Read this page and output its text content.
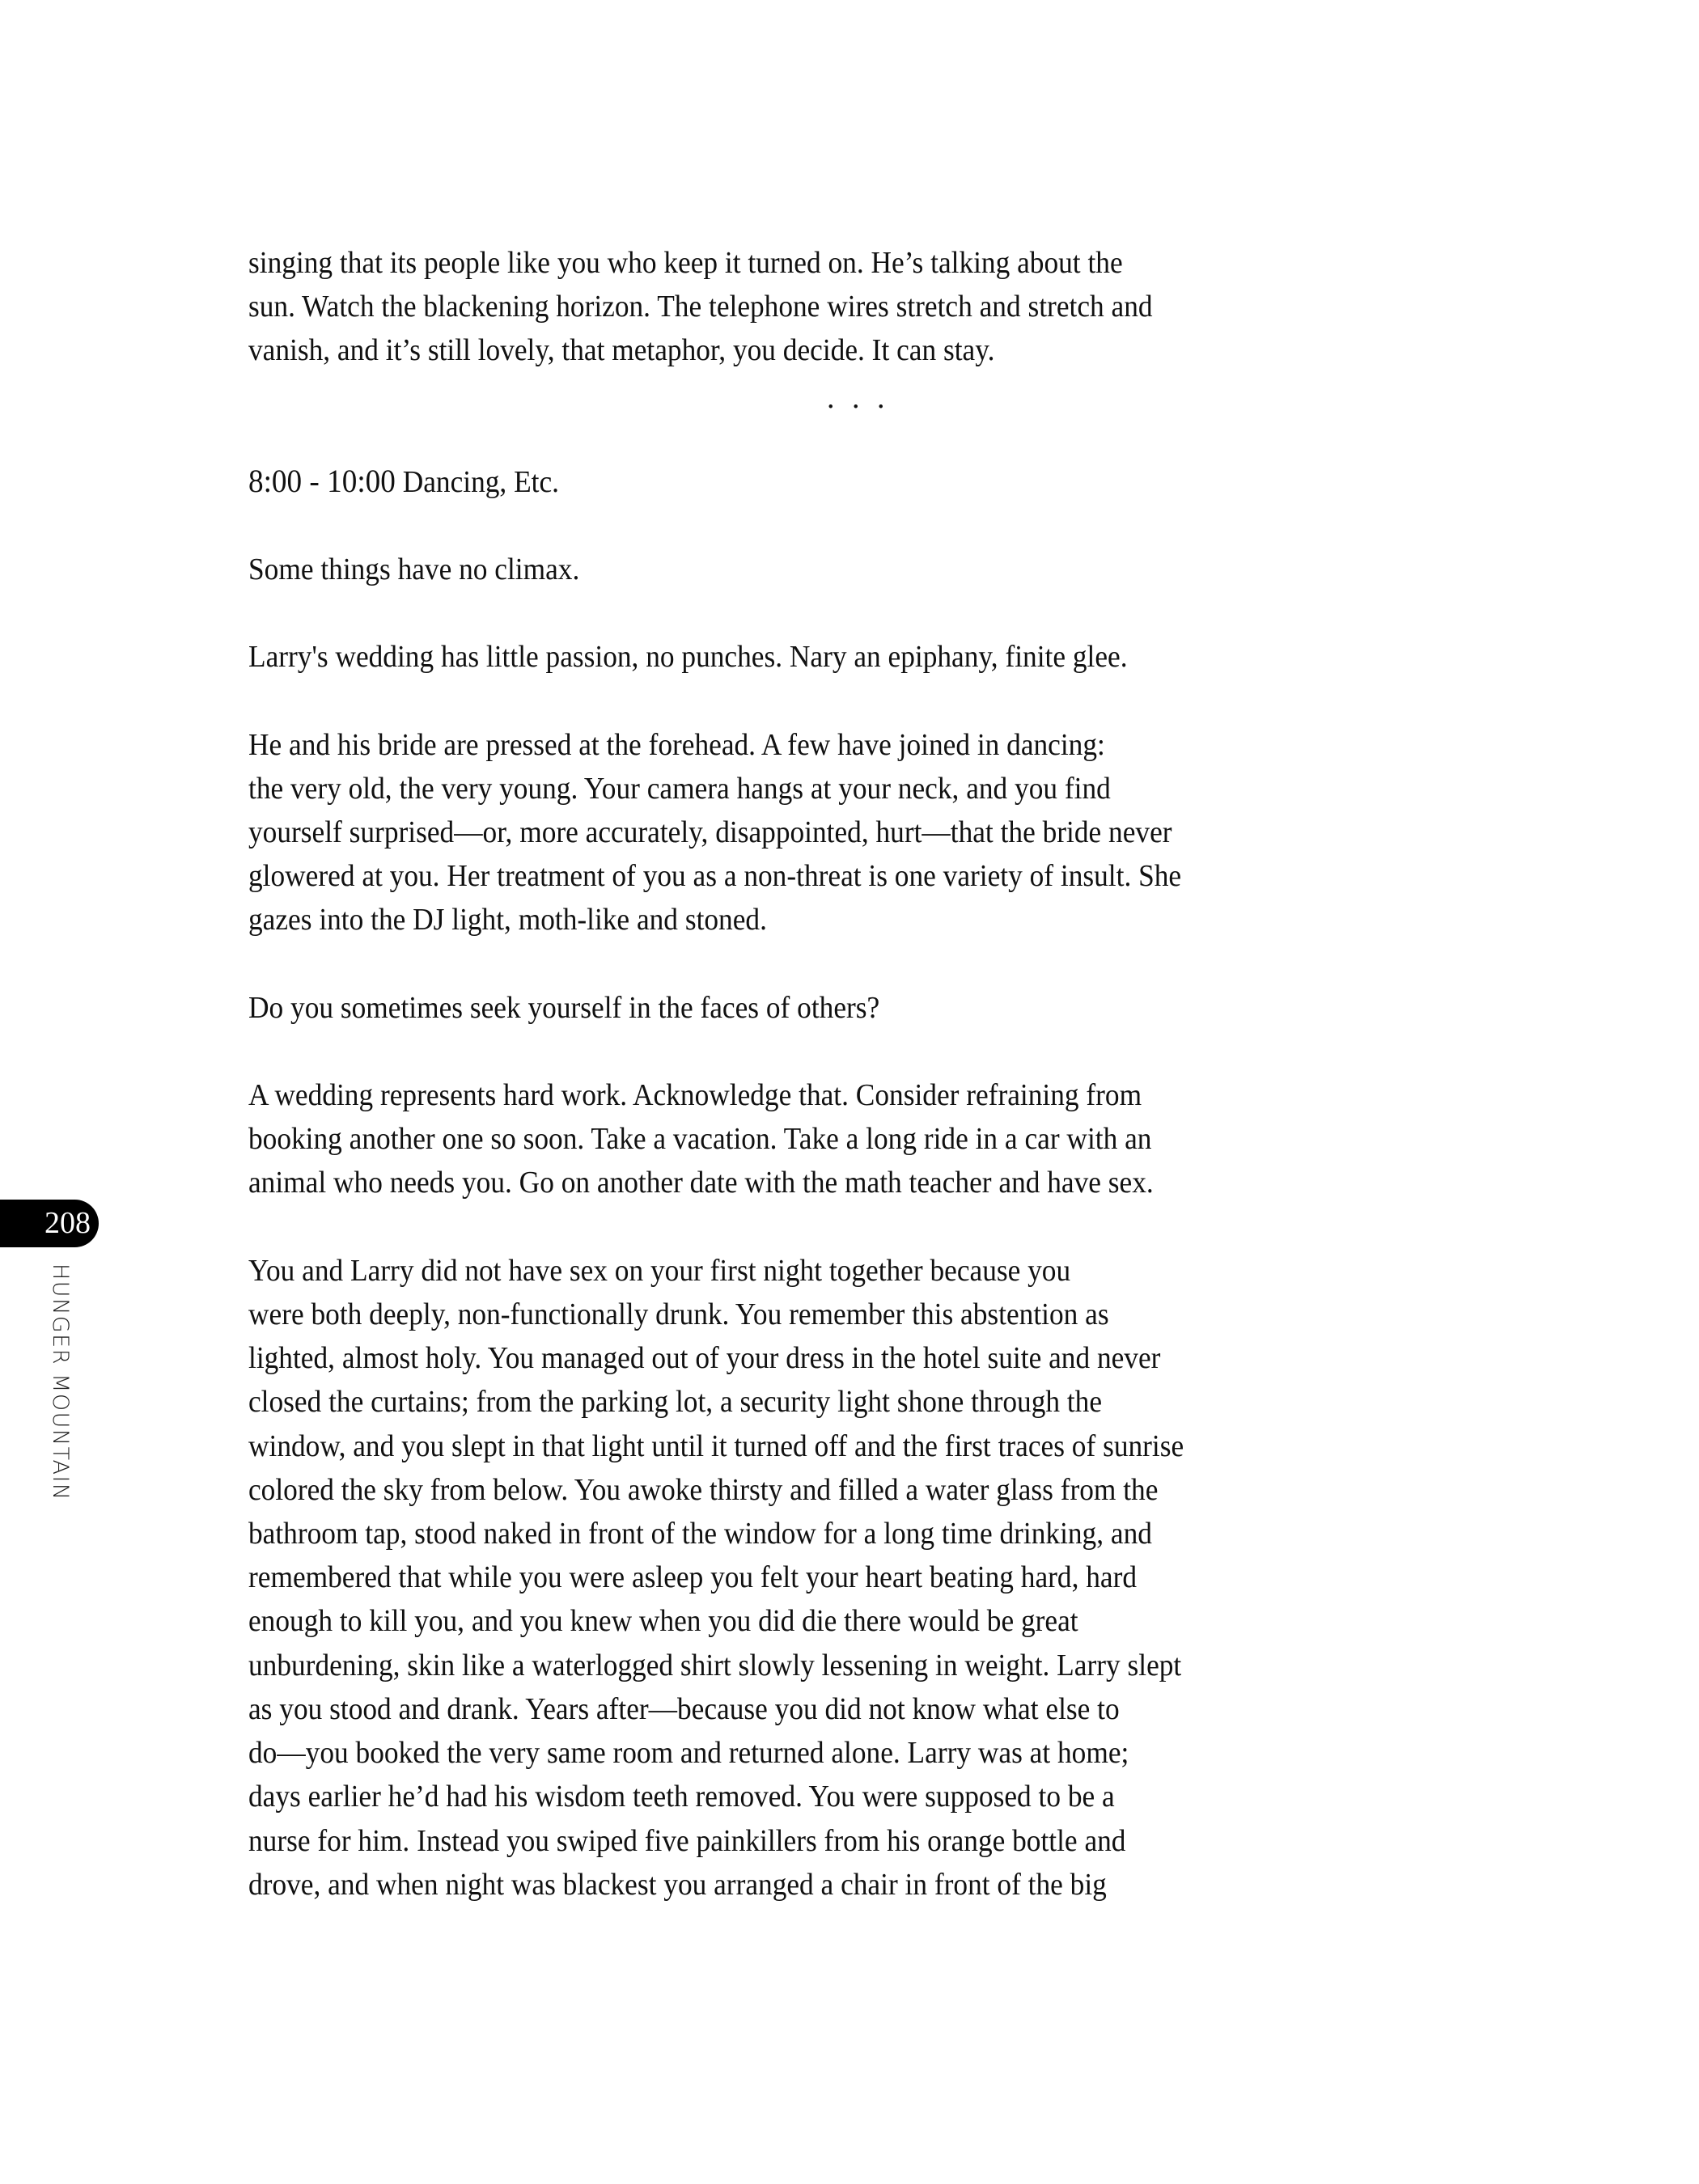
singing that its people like you who keep it turned on. He’s talking about the
sun. Watch the blackening horizon. The telephone wires stretch and stretch and
vanish, and it’s still lovely, that metaphor, you decide. It can stay.
. . .
8:00 - 10:00 Dancing, Etc.
Some things have no climax.
Larry's wedding has little passion, no punches. Nary an epiphany, finite glee.
He and his bride are pressed at the forehead. A few have joined in dancing:
the very old, the very young. Your camera hangs at your neck, and you find
yourself surprised—or, more accurately, disappointed, hurt—that the bride never
glowered at you. Her treatment of you as a non-threat is one variety of insult. She
gazes into the DJ light, moth-like and stoned.
Do you sometimes seek yourself in the faces of others?
A wedding represents hard work. Acknowledge that. Consider refraining from
booking another one so soon. Take a vacation. Take a long ride in a car with an
animal who needs you. Go on another date with the math teacher and have sex.
You and Larry did not have sex on your first night together because you
were both deeply, non-functionally drunk. You remember this abstention as
lighted, almost holy. You managed out of your dress in the hotel suite and never
closed the curtains; from the parking lot, a security light shone through the
window, and you slept in that light until it turned off and the first traces of sunrise
colored the sky from below. You awoke thirsty and filled a water glass from the
bathroom tap, stood naked in front of the window for a long time drinking, and
remembered that while you were asleep you felt your heart beating hard, hard
enough to kill you, and you knew when you did die there would be great
unburdening, skin like a waterlogged shirt slowly lessening in weight. Larry slept
as you stood and drank. Years after—because you did not know what else to
do—you booked the very same room and returned alone. Larry was at home;
days earlier he’d had his wisdom teeth removed. You were supposed to be a
nurse for him. Instead you swiped five painkillers from his orange bottle and
drove, and when night was blackest you arranged a chair in front of the big
208
HUNGER MOUNTAIN
